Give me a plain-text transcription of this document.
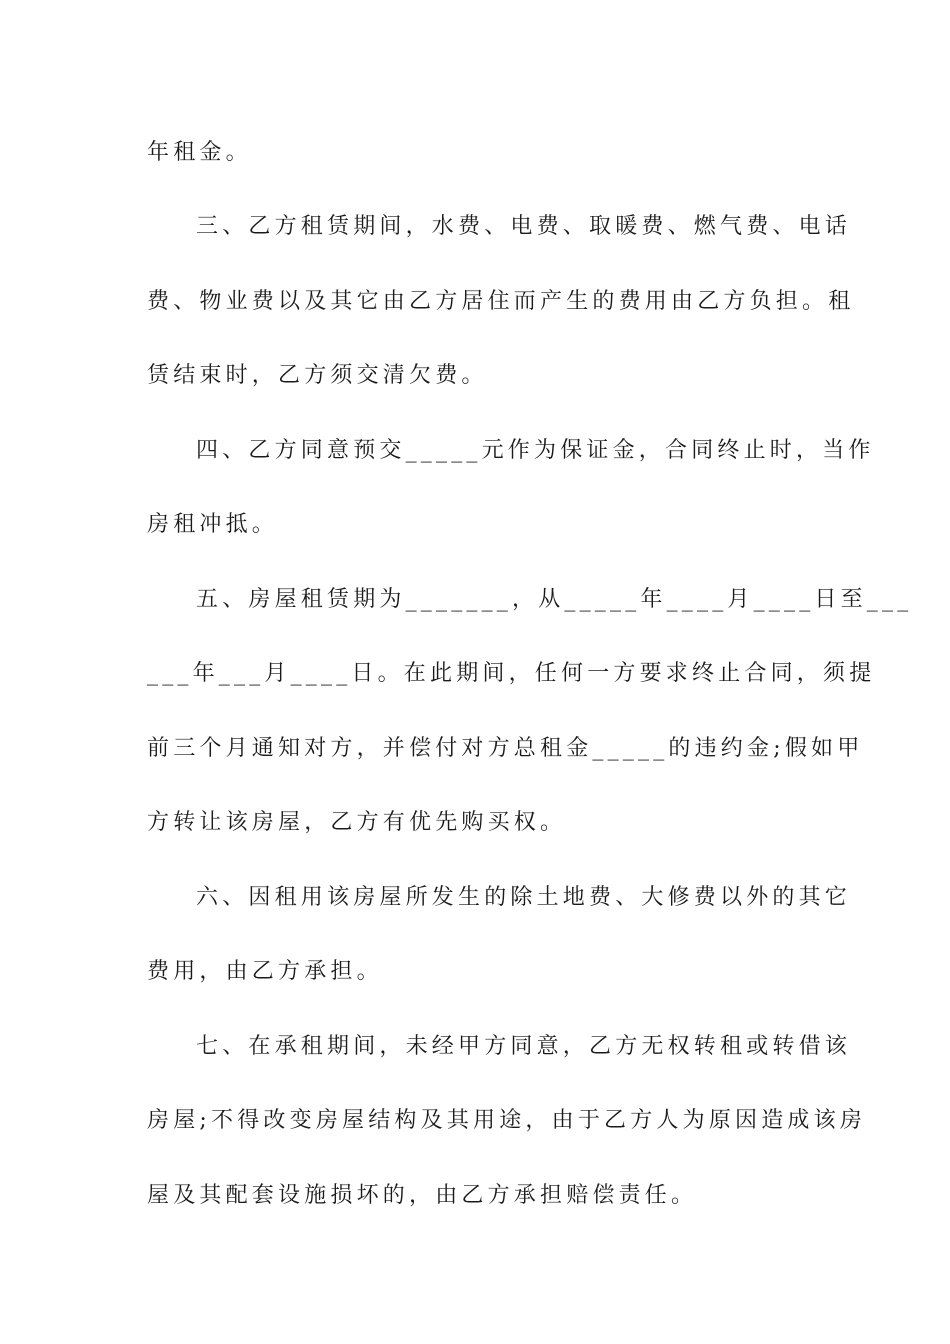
年租金。
三、乙方租赁期间，水费、电费、取暖费、燃气费、电话
费、物业费以及其它由乙方居住而产生的费用由乙方负担。租
赁结束时，乙方须交清欠费。
四、乙方同意预交_____元作为保证金，合同终止时，当作
房租冲抵。
五、房屋租赁期为_______，从_____年____月____日至___
___年___月____日。在此期间，任何一方要求终止合同，须提
前三个月通知对方，并偿付对方总租金_____的违约金;假如甲
方转让该房屋，乙方有优先购买权。
六、因租用该房屋所发生的除土地费、大修费以外的其它
费用，由乙方承担。
七、在承租期间，未经甲方同意，乙方无权转租或转借该
房屋;不得改变房屋结构及其用途，由于乙方人为原因造成该房
屋及其配套设施损坏的，由乙方承担赔偿责任。
